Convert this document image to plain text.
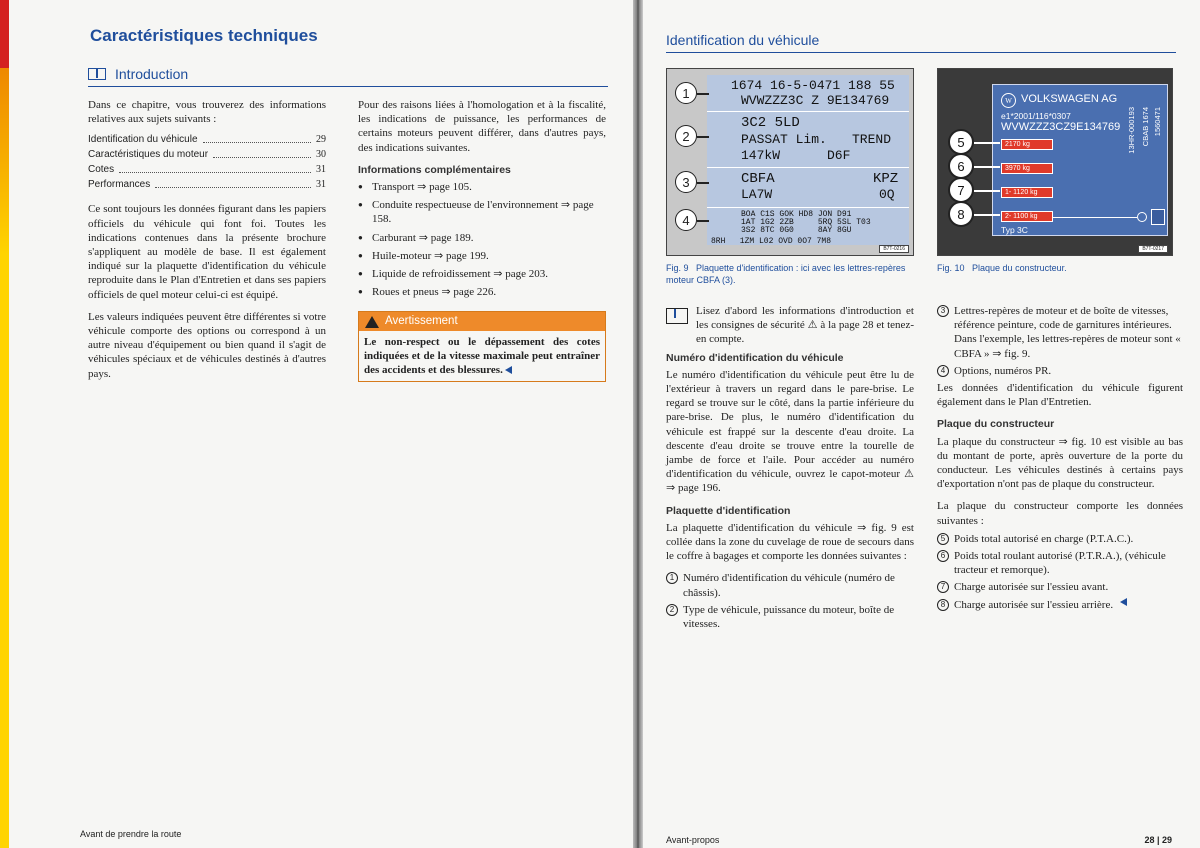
Caractéristiques techniques
Introduction

Dans ce chapitre, vous trouverez des informations relatives aux sujets suivants :

Identification du véhicule	29
Caractéristiques du moteur	30
Cotes	31
Performances	31

Ce sont toujours les données figurant dans les papiers officiels du véhicule qui font foi. Toutes les indications contenues dans la présente brochure s'appliquent au modèle de base. Il est également indiqué sur la plaquette d'identification du véhicule reproduite dans le Plan d'Entretien et dans ses papiers officiels de quel moteur celui-ci est équipé.

Les valeurs indiquées peuvent être différentes si votre véhicule comporte des options ou correspond à un autre niveau d'équipement ou bien quand il s'agit de véhicules spéciaux et de véhicules destinés à d'autres pays.

Pour des raisons liées à l'homologation et à la fiscalité, les indications de puissance, les performances de certains moteurs peuvent différer, dans d'autres pays, des indications suivantes.

Informations complémentaires
● Transport ⇒ page 105.
● Conduite respectueuse de l'environnement ⇒ page 158.
● Carburant ⇒ page 189.
● Huile-moteur ⇒ page 199.
● Liquide de refroidissement ⇒ page 203.
● Roues et pneus ⇒ page 226.
Avertissement
Le non-respect ou le dépassement des cotes indiquées et de la vitesse maximale peut entraîner des accidents et des blessures.
Avant de prendre la route
Identification du véhicule
1674 16-5-0471 188 55
WVWZZZ3C Z 9E134769
3C2 5LD
PASSAT Lim. TREND
147kW	D6F
CBFA	KPZ
LA7W	0Q
BOA C1S GOK HD8 JON D91
1AT 1G2 2ZB     5RQ 5SL T03
3S2 8TC 0G0     8AY 8GU
8RH   1ZM L02 OVD 0O7 7M8
1
2
3
4
B7T-0216
Fig. 9 Plaquette d'identification : ici avec les lettres-repères moteur CBFA (3).
W VOLKSWAGEN AG
e1*2001/116*0307
WVWZZZ3CZ9E134769
2170 kg
3970 kg
1- 1120 kg
2- 1100 kg
Typ 3C
13HR-000193 CBAB 1674 1560471
5
6
7
8
B7T-0217
Fig. 10 Plaque du constructeur.
Lisez d'abord les informations d'introduction et les consignes de sécurité ⚠ à la page 28 et tenez-en compte.
Numéro d'identification du véhicule

Le numéro d'identification du véhicule peut être lu de l'extérieur à travers un regard dans le pare-brise. Le regard se trouve sur le côté, dans la partie inférieure du pare-brise. De plus, le numéro d'identification du véhicule est frappé sur la descente d'eau droite. La descente d'eau droite se trouve entre la tourelle de jambe de force et l'aile. Pour accéder au numéro d'identification du véhicule, ouvrez le capot-moteur ⚠ ⇒ page 196.

Plaquette d'identification

La plaquette d'identification du véhicule ⇒ fig. 9 est collée dans la zone du cuvelage de roue de secours dans le coffre à bagages et comporte les données suivantes :

1 Numéro d'identification du véhicule (numéro de châssis).
2 Type de véhicule, puissance du moteur, boîte de vitesses.
3 Lettres-repères de moteur et de boîte de vitesses, référence peinture, code de garnitures intérieures. Dans l'exemple, les lettres-repères de moteur sont « CBFA » ⇒ fig. 9.
4 Options, numéros PR.

Les données d'identification du véhicule figurent également dans le Plan d'Entretien.

Plaque du constructeur

La plaque du constructeur ⇒ fig. 10 est visible au bas du montant de porte, après ouverture de la porte du conducteur. Les véhicules destinés à certains pays d'exportation n'ont pas de plaque du constructeur.

La plaque du constructeur comporte les données suivantes :

5 Poids total autorisé en charge (P.T.A.C.).
6 Poids total roulant autorisé (P.T.R.A.), (véhicule tracteur et remorque).
7 Charge autorisée sur l'essieu avant.
8 Charge autorisée sur l'essieu arrière.
Avant-propos	28 | 29
